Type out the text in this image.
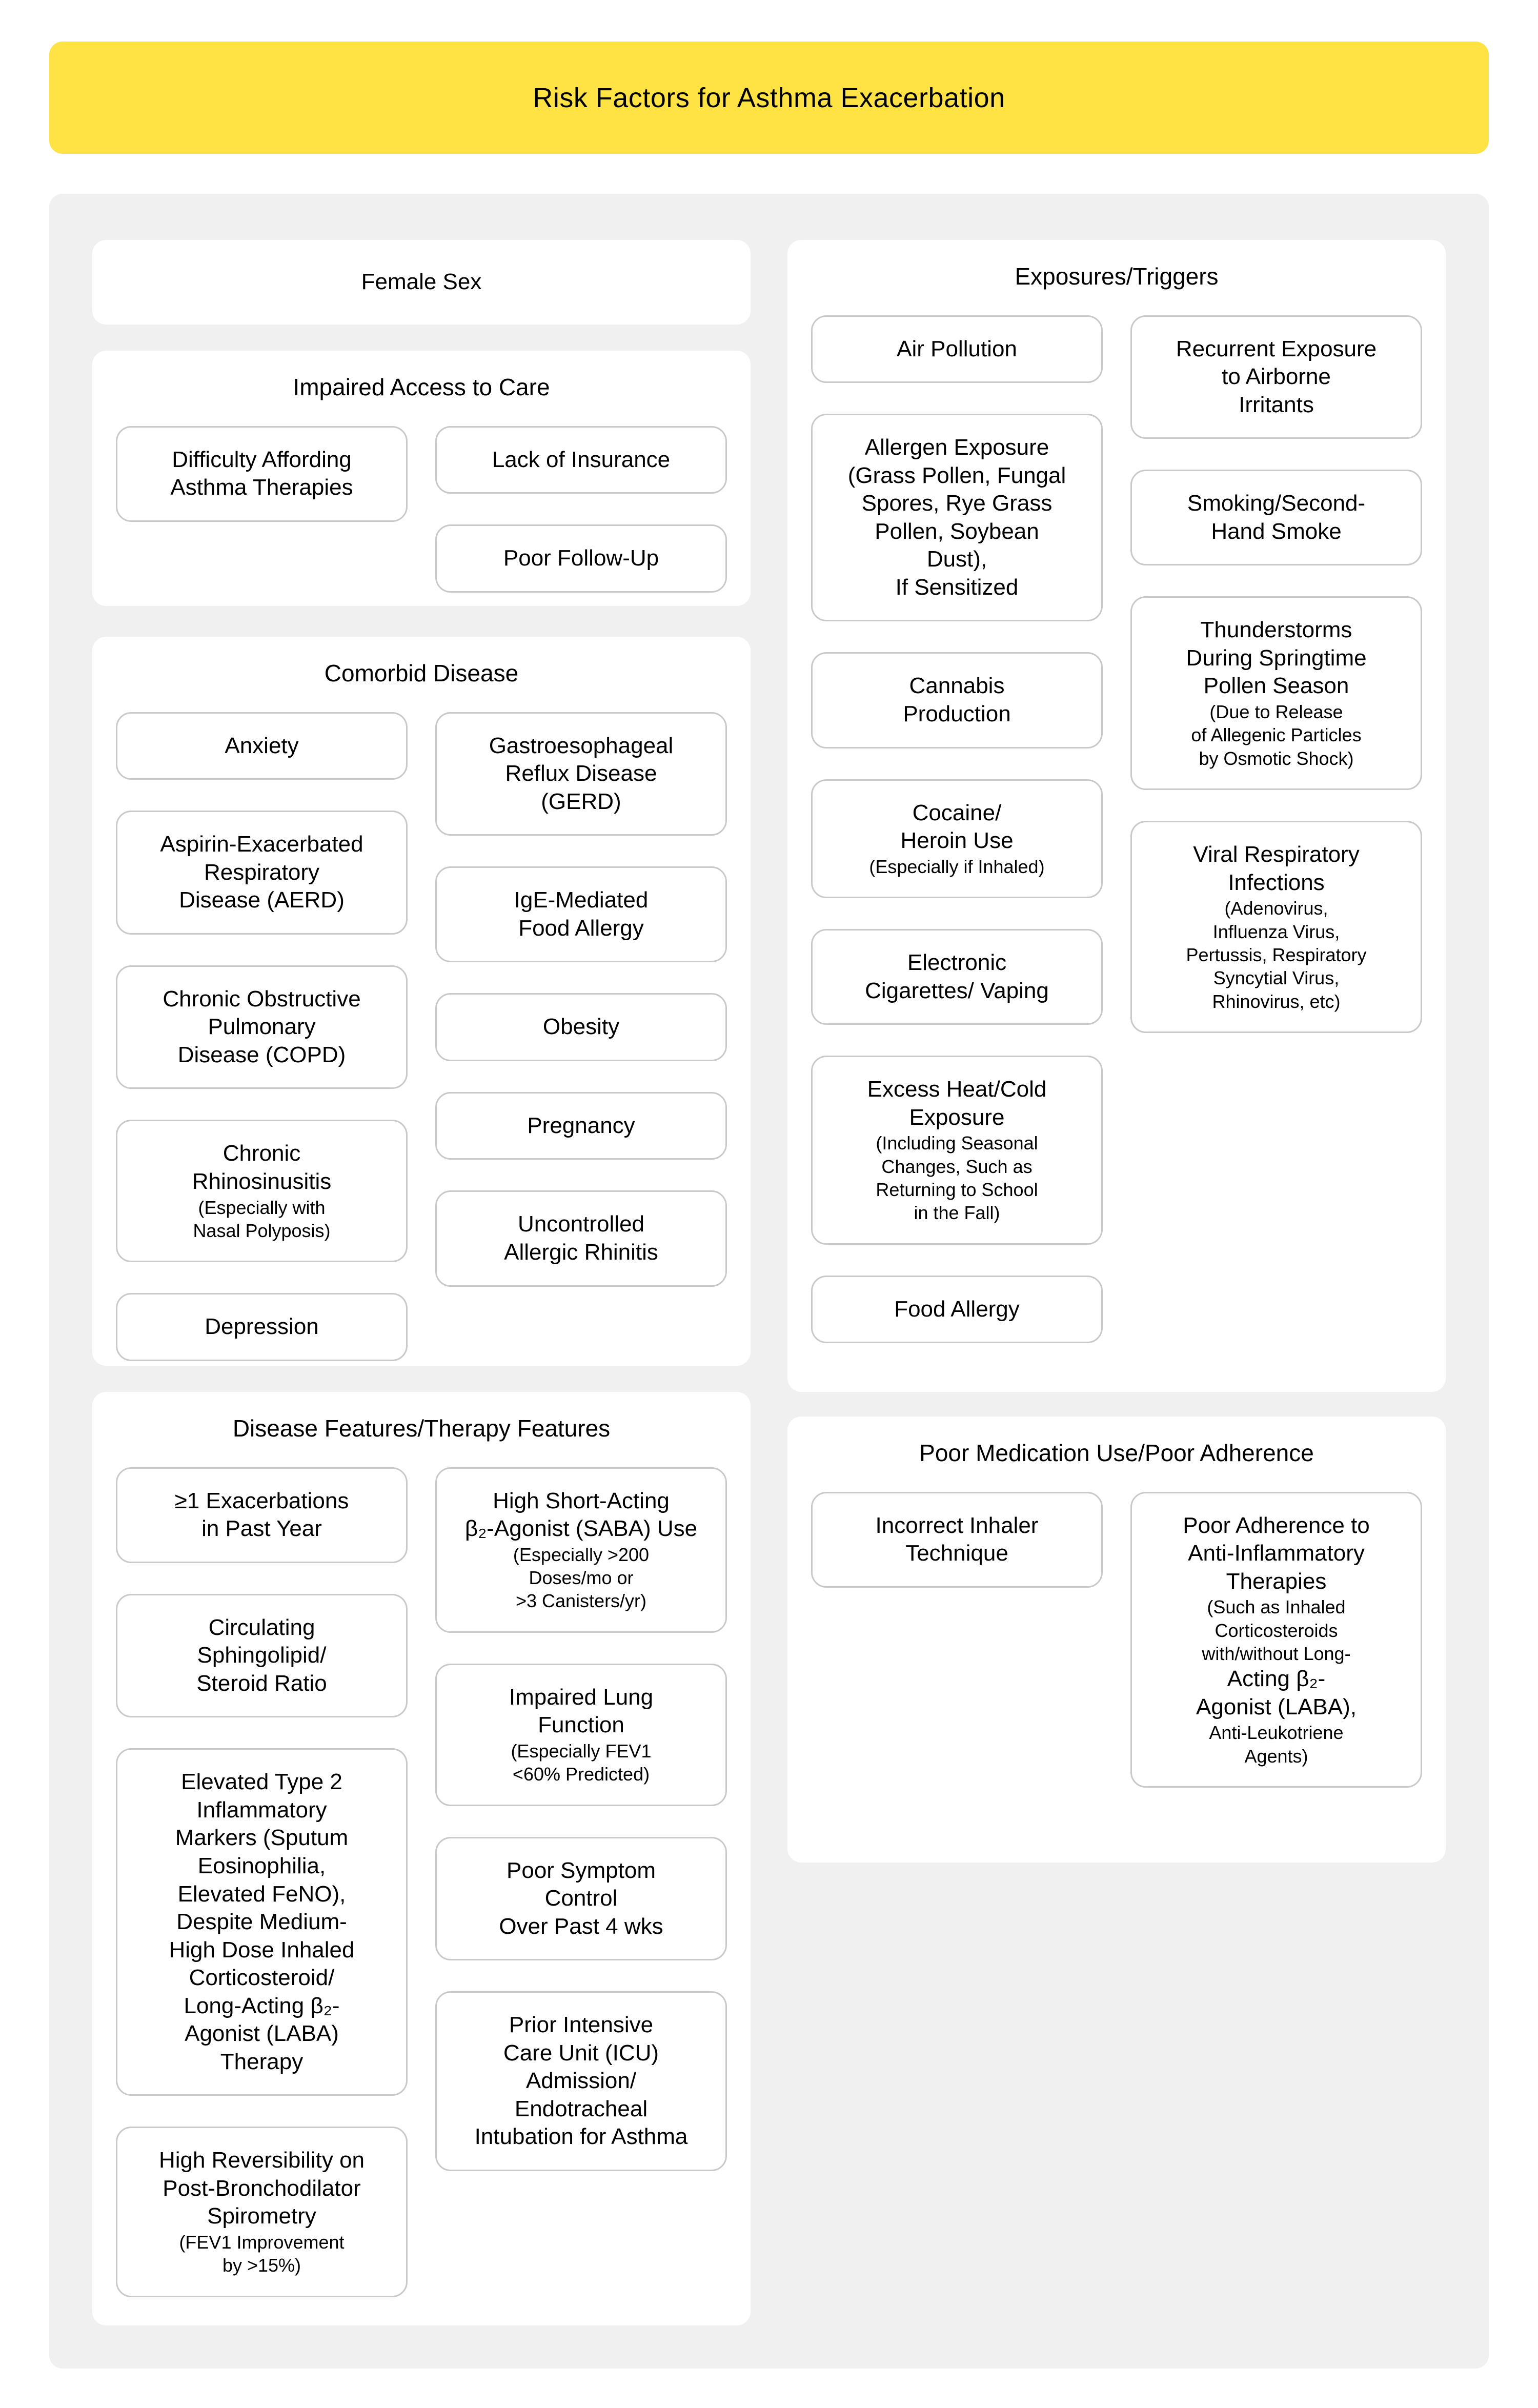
Risk Factors for Asthma Exacerbation
Female Sex
Impaired Access to Care
Difficulty Affording
Asthma Therapies
Lack of Insurance
Poor Follow-Up
Comorbid Disease
Anxiety
Aspirin-Exacerbated
Respiratory
Disease (AERD)
Chronic Obstructive
Pulmonary
Disease (COPD)
Chronic
Rhinosinusitis
(Especially with
Nasal Polyposis)
Depression
Gastroesophageal
Reflux Disease
(GERD)
IgE-Mediated
Food Allergy
Obesity
Pregnancy
Uncontrolled
Allergic Rhinitis
Disease Features/Therapy Features
≥1 Exacerbations
in Past Year
Circulating
Sphingolipid/
Steroid Ratio
Elevated Type 2
Inflammatory
Markers (Sputum
Eosinophilia,
Elevated FeNO),
Despite Medium-
High Dose Inhaled
Corticosteroid/
Long-Acting β₂-
Agonist (LABA)
Therapy
High Reversibility on
Post-Bronchodilator
Spirometry
(FEV1 Improvement
by >15%)
High Short-Acting
β₂-Agonist (SABA) Use
(Especially >200
Doses/mo or
>3 Canisters/yr)
Impaired Lung
Function
(Especially FEV1
<60% Predicted)
Poor Symptom
Control
Over Past 4 wks
Prior Intensive
Care Unit (ICU)
Admission/
Endotracheal
Intubation for Asthma
Exposures/Triggers
Air Pollution
Allergen Exposure
(Grass Pollen, Fungal
Spores, Rye Grass
Pollen, Soybean
Dust),
If Sensitized
Cannabis
Production
Cocaine/
Heroin Use
(Especially if Inhaled)
Electronic
Cigarettes/ Vaping
Excess Heat/Cold
Exposure
(Including Seasonal
Changes, Such as
Returning to School
in the Fall)
Food Allergy
Recurrent Exposure
to Airborne
Irritants
Smoking/Second-
Hand Smoke
Thunderstorms
During Springtime
Pollen Season
(Due to Release
of Allegenic Particles
by Osmotic Shock)
Viral Respiratory
Infections
(Adenovirus,
Influenza Virus,
Pertussis, Respiratory
Syncytial Virus,
Rhinovirus, etc)
Poor Medication Use/Poor Adherence
Incorrect Inhaler
Technique
Poor Adherence to
Anti-Inflammatory
Therapies
(Such as Inhaled
Corticosteroids
with/without Long-
Acting β₂-
Agonist (LABA),
Anti-Leukotriene
Agents)
